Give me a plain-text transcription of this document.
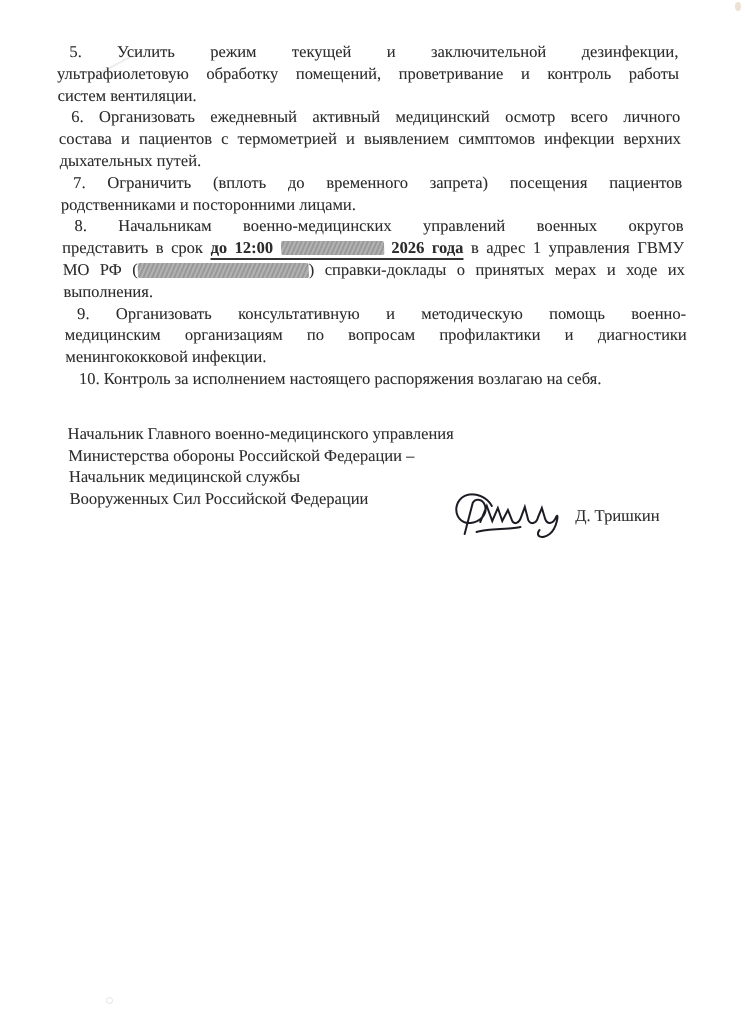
5. Усилить режим текущей и заключительной дезинфекции,
ультрафиолетовую обработку помещений, проветривание и контроль работы
систем вентиляции.

6. Организовать ежедневный активный медицинский осмотр всего личного
состава и пациентов с термометрией и выявлением симптомов инфекции верхних
дыхательных путей.

7. Ограничить (вплоть до временного запрета) посещения пациентов
родственниками и посторонними лицами.

8. Начальникам военно-медицинских управлений военных округов
представить в срок до 12:00	2026 года в адрес 1 управления ГВМУ
МО РФ (	) справки-доклады о принятых мерах и ходе их
выполнения.

9. Организовать консультативную и методическую помощь военно-
медицинским организациям по вопросам профилактики и диагностики
менингококковой инфекции.

10. Контроль за исполнением настоящего распоряжения возлагаю на себя.

Начальник Главного военно-медицинского управления
Министерства обороны Российской Федерации –
Начальник медицинской службы
Вооруженных Сил Российской Федерации
Д. Тришкин
